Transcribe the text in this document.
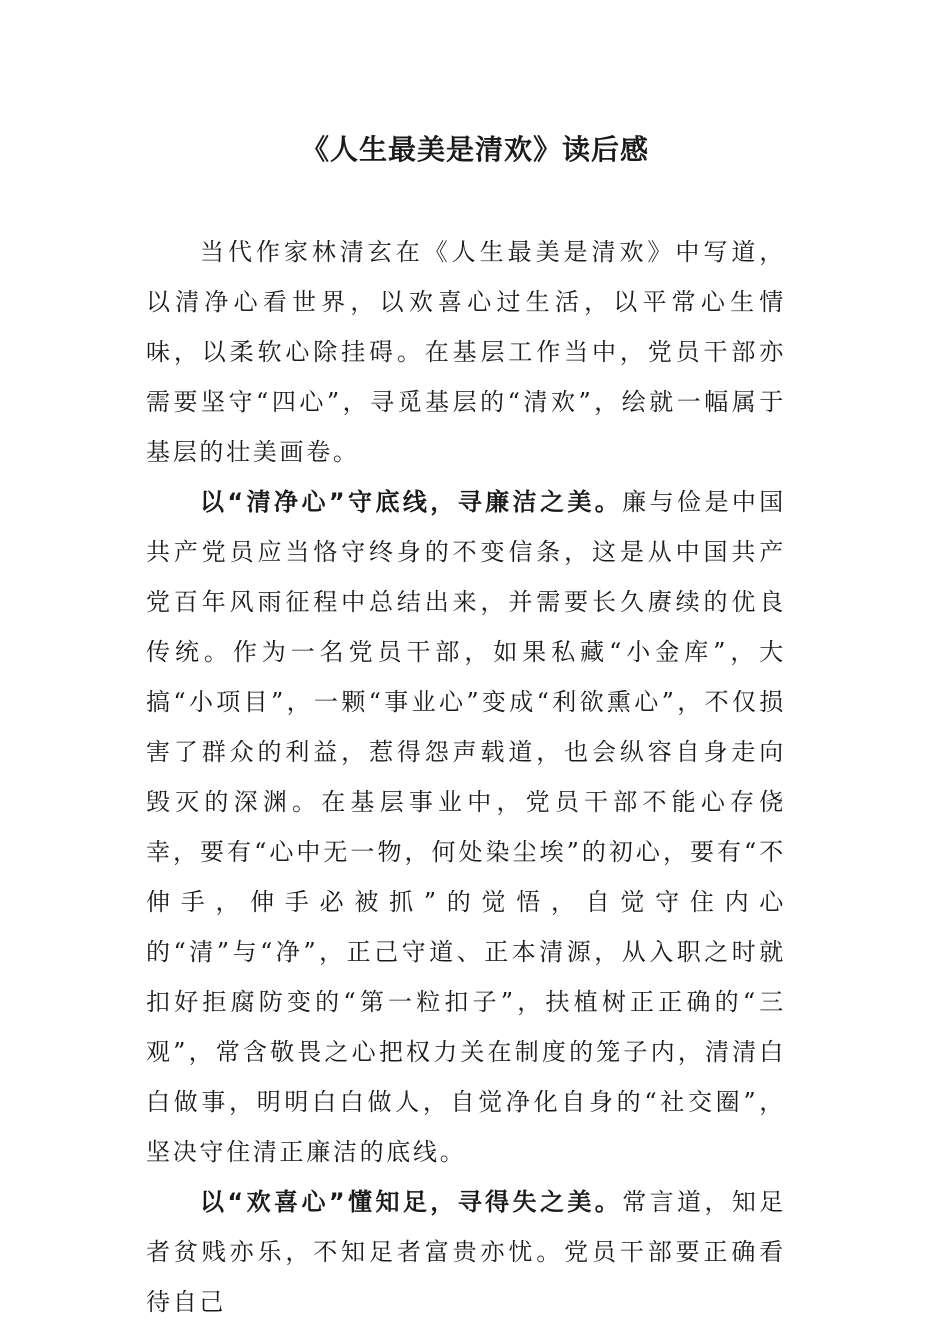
《人生最美是清欢》读后感

当代作家林清玄在《人生最美是清欢》中写道，以清净心看世界，以欢喜心过生活，以平常心生情味，以柔软心除挂碍。在基层工作当中，党员干部亦需要坚守“四心”，寻觅基层的“清欢”，绘就一幅属于基层的壮美画卷。

以“清净心”守底线，寻廉洁之美。廉与俭是中国共产党员应当恪守终身的不变信条，这是从中国共产党百年风雨征程中总结出来，并需要长久赓续的优良传统。作为一名党员干部，如果私藏“小金库”，大搞“小项目”，一颗“事业心”变成“利欲熏心”，不仅损害了群众的利益，惹得怨声载道，也会纵容自身走向毁灭的深渊。在基层事业中，党员干部不能心存侥幸，要有“心中无一物，何处染尘埃”的初心，要有“不伸手，伸手必被抓”的觉悟，自觉守住内心的“清”与“净”，正己守道、正本清源，从入职之时就扣好拒腐防变的“第一粒扣子”，扶植树正正确的“三观”，常含敬畏之心把权力关在制度的笼子内，清清白白做事，明明白白做人，自觉净化自身的“社交圈”，坚决守住清正廉洁的底线。

以“欢喜心”懂知足，寻得失之美。常言道，知足者贫贱亦乐，不知足者富贵亦忧。党员干部要正确看待自己
